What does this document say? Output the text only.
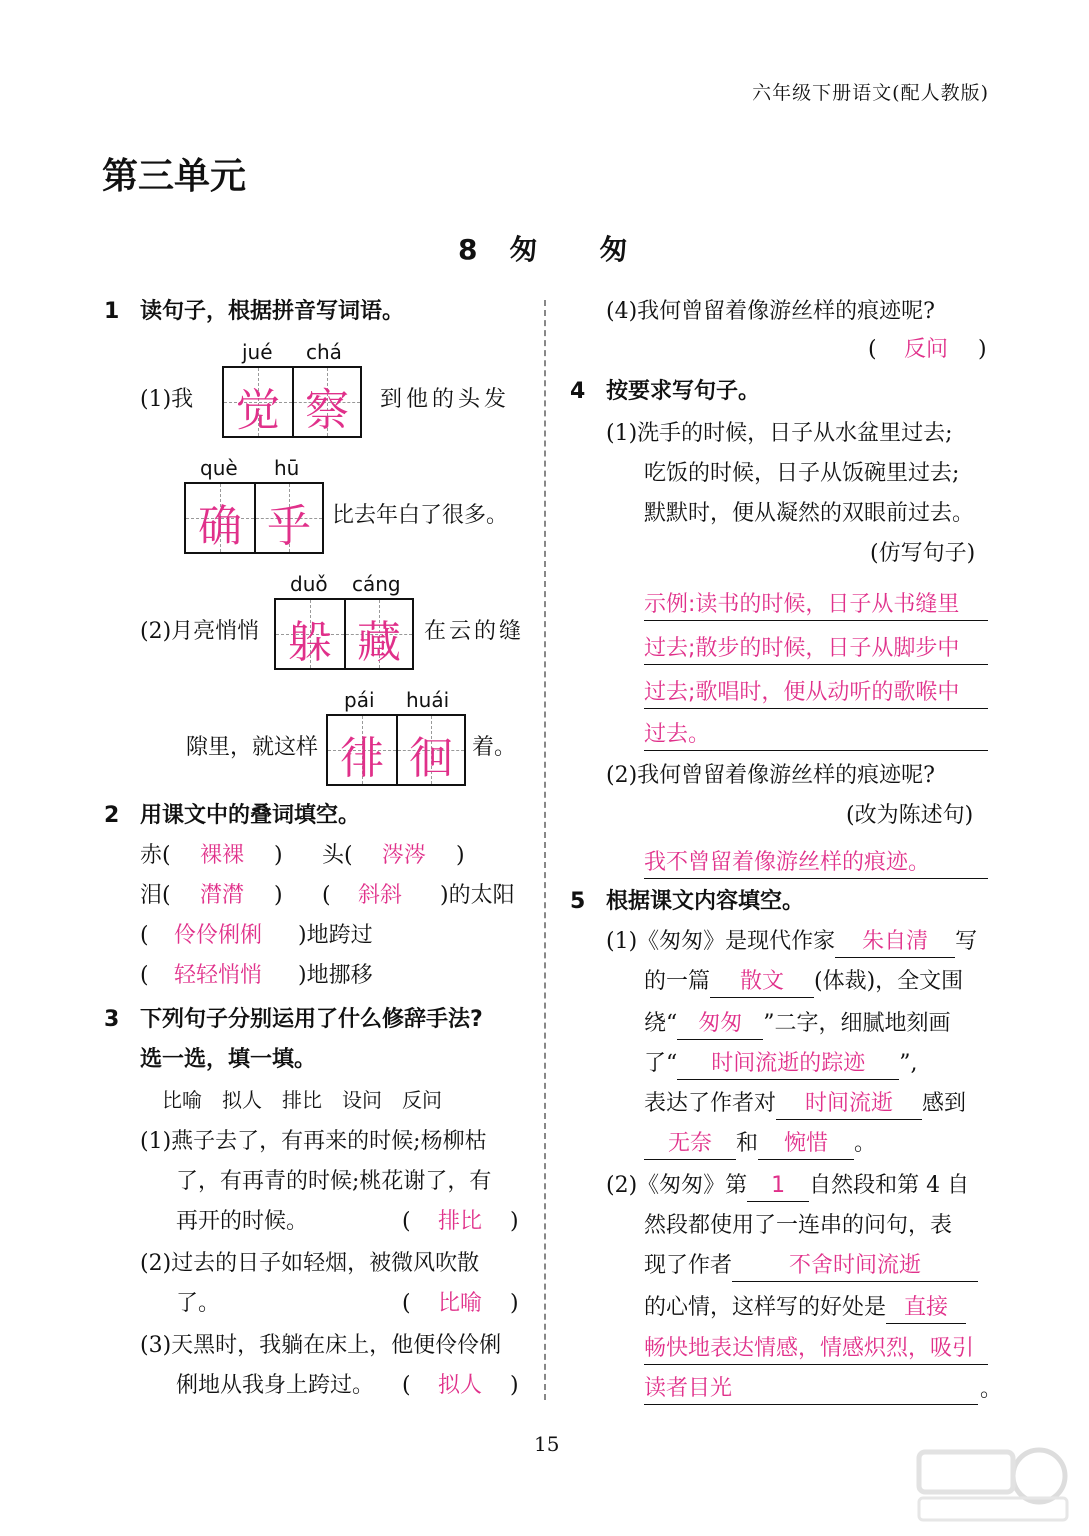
六年级下册语文(配人教版)
第三单元
8　匆　　匆
1 读句子，根据拼音写词语。
jué chá
(1)我 觉 察	到他的头发
què hū
确 乎 比去年白了很多。
duǒ cáng
(2)月亮悄悄 躲 藏	在云的缝
pái huái
隙里，就这样 徘 徊 着。
2 用课文中的叠词填空。
赤( 裸裸 ) 头( 涔涔 )
泪( 潸潸 ) ( 斜斜 )的太阳
( 伶伶俐俐 )地跨过
( 轻轻悄悄 )地挪移
3 下列句子分别运用了什么修辞手法?
选一选，填一填。
比喻　拟人　排比　设问　反问
(1)燕子去了，有再来的时候;杨柳枯
了，有再青的时候;桃花谢了，有
再开的时候。	( 排比 )
(2)过去的日子如轻烟，被微风吹散
了。	( 比喻 )
(3)天黑时，我躺在床上，他便伶伶俐
俐地从我身上跨过。 ( 拟人 )
(4)我何曾留着像游丝样的痕迹呢?
( 反问 )
4 按要求写句子。
(1)洗手的时候，日子从水盆里过去;
吃饭的时候，日子从饭碗里过去;
默默时，便从凝然的双眼前过去。
(仿写句子)
示例:读书的时候，日子从书缝里
过去;散步的时候，日子从脚步中
过去;歌唱时，便从动听的歌喉中
过去。
(2)我何曾留着像游丝样的痕迹呢?
(改为陈述句)
我不曾留着像游丝样的痕迹。
5 根据课文内容填空。
(1)《匆匆》是现代作家 朱自清 写
的一篇 散文 (体裁)，全文围
绕“ 匆匆 ”二字，细腻地刻画
了“ 时间流逝的踪迹 ”,
表达了作者对 时间流逝 感到
无奈 和 惋惜 。
(2)《匆匆》第 1 自然段和第 4 自
然段都使用了一连串的问句，表
现了作者	不舍时间流逝
的心情，这样写的好处是 直接
畅快地表达情感，情感炽烈，吸引
读者目光	。
15
